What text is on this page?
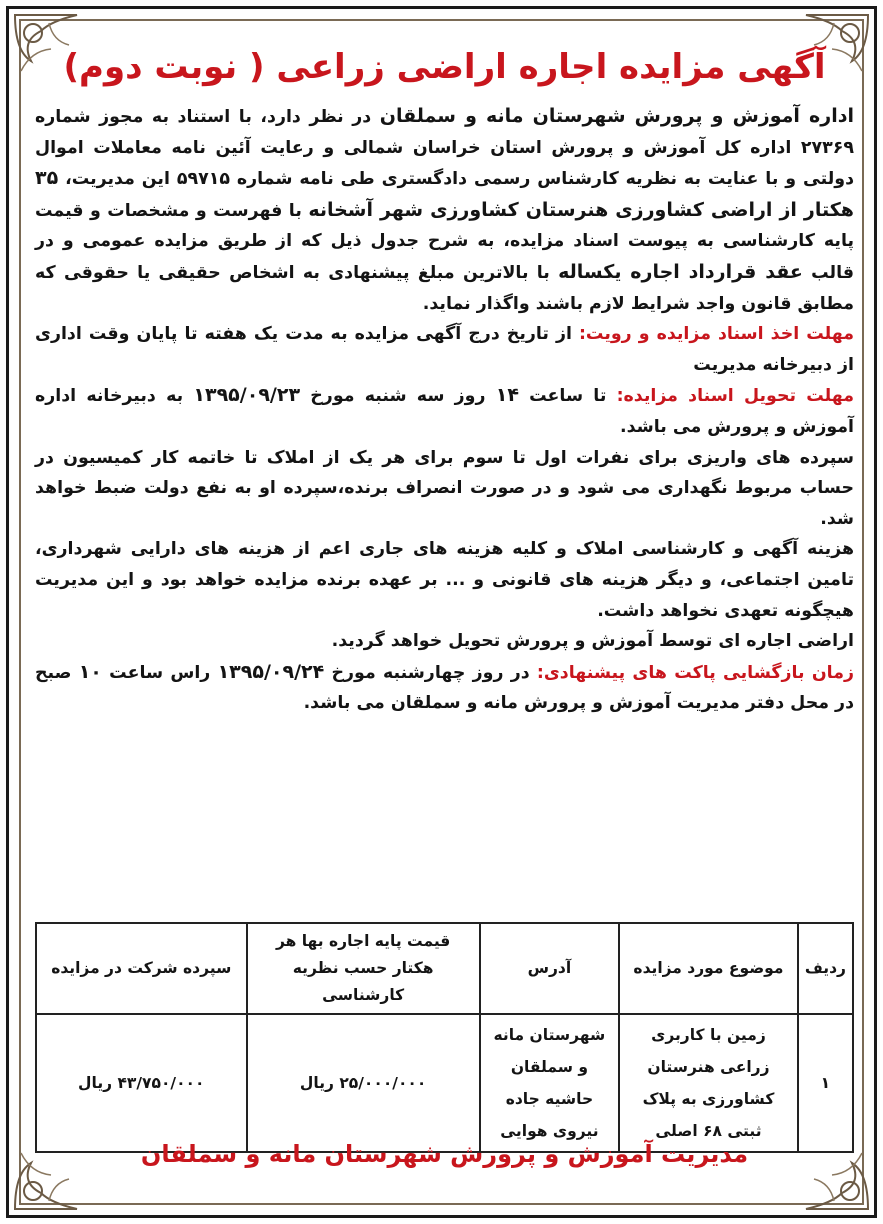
آگهی مزایده اجاره اراضی زراعی ( نوبت دوم)

اداره آموزش و پرورش شهرستان مانه و سملقان در نظر دارد، با استناد به مجوز شماره ۲۷۳۶۹ اداره کل آموزش و پرورش استان خراسان شمالی و رعایت آئین نامه معاملات اموال دولتی و با عنایت به نظریه کارشناس رسمی دادگستری طی نامه شماره ۵۹۷۱۵ این مدیریت، ۳۵ هکتار از اراضی کشاورزی هنرستان کشاورزی شهر آشخانه با فهرست و مشخصات و قیمت پایه کارشناسی به پیوست اسناد مزایده، به شرح جدول ذیل که از طریق مزایده عمومی و در قالب عقد قرارداد اجاره یکساله با بالاترین مبلغ پیشنهادی به اشخاص حقیقی یا حقوقی که مطابق قانون واجد شرایط لازم باشند واگذار نماید.

مهلت اخذ اسناد مزایده و رویت: از تاریخ درج آگهی مزایده به مدت یک هفته تا پایان وقت اداری از دبیرخانه مدیریت

مهلت تحویل اسناد مزایده: تا ساعت ۱۴ روز سه شنبه مورخ ۱۳۹۵/۰۹/۲۳ به دبیرخانه اداره آموزش و پرورش می باشد.

سپرده های واریزی برای نفرات اول تا سوم برای هر یک از املاک تا خاتمه کار کمیسیون در حساب مربوط نگهداری می شود و در صورت انصراف برنده،سپرده او به نفع دولت ضبط خواهد شد.

هزینه آگهی و کارشناسی املاک و کلیه هزینه های جاری اعم از هزینه های دارایی شهرداری، تامین اجتماعی، و دیگر هزینه های قانونی و ... بر عهده برنده مزایده خواهد بود و این مدیریت هیچگونه تعهدی نخواهد داشت.

اراضی اجاره ای توسط آموزش و پرورش تحویل خواهد گردید.

زمان بازگشایی پاکت های پیشنهادی: در روز چهارشنبه مورخ ۱۳۹۵/۰۹/۲۴ راس ساعت ۱۰ صبح در محل دفتر مدیریت آموزش و پرورش مانه و سملقان می باشد.

ردیف	موضوع مورد مزایده	آدرس	قیمت پایه اجاره بها هر هکتار حسب نظریه کارشناسی	سپرده شرکت در مزایده
۱	زمین با کاربری زراعی هنرستان کشاورزی به پلاک ثبتی ۶۸ اصلی	شهرستان مانه و سملقان حاشیه جاده نیروی هوایی	۲۵/۰۰۰/۰۰۰ ریال	۴۳/۷۵۰/۰۰۰ ریال
مدیریت آموزش و پرورش شهرستان مانه و سملقان
